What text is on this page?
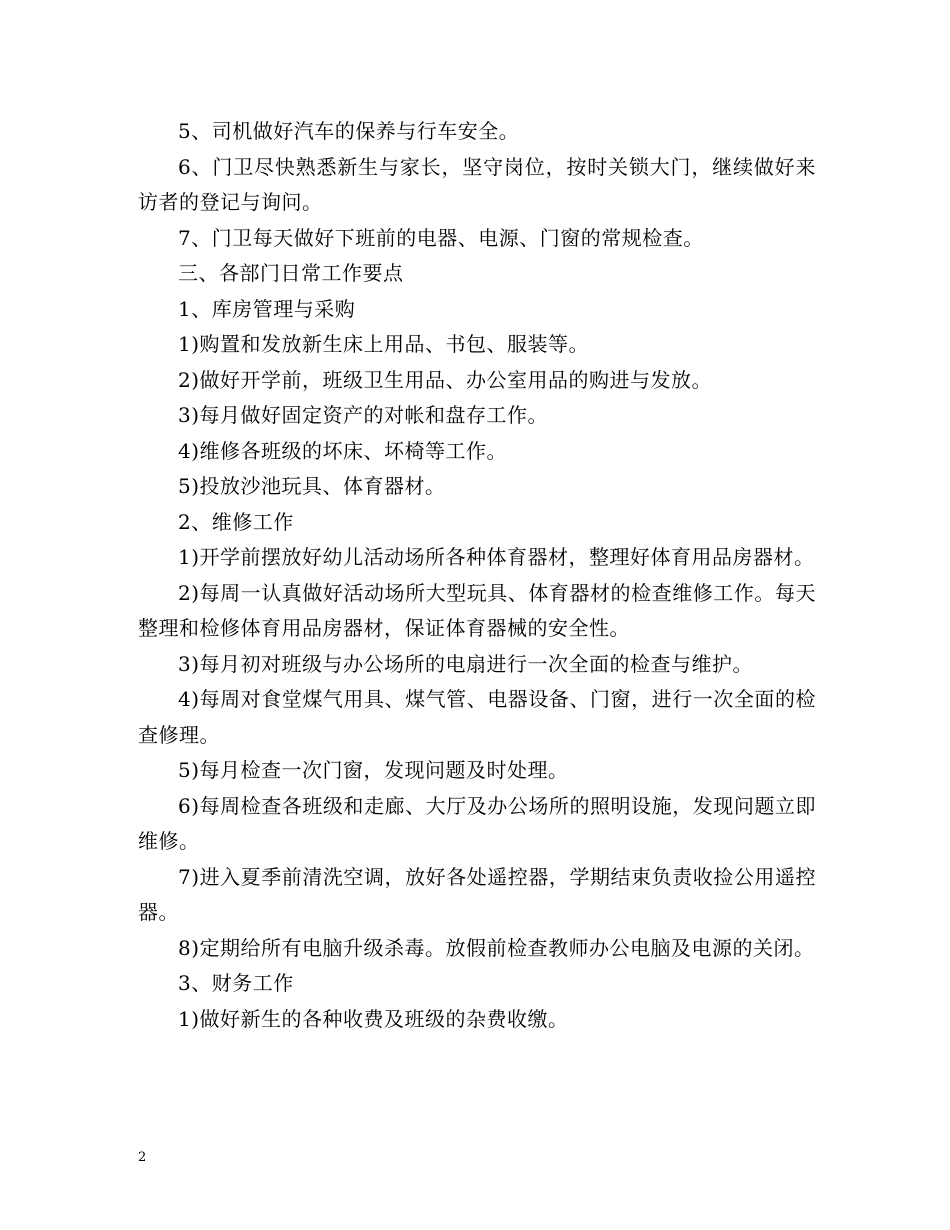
5、司机做好汽车的保养与行车安全。

6、门卫尽快熟悉新生与家长，坚守岗位，按时关锁大门，继续做好来访者的登记与询问。

7、门卫每天做好下班前的电器、电源、门窗的常规检查。

三、各部门日常工作要点

1、库房管理与采购

1)购置和发放新生床上用品、书包、服装等。

2)做好开学前，班级卫生用品、办公室用品的购进与发放。

3)每月做好固定资产的对帐和盘存工作。

4)维修各班级的坏床、坏椅等工作。

5)投放沙池玩具、体育器材。

2、维修工作

1)开学前摆放好幼儿活动场所各种体育器材，整理好体育用品房器材。

2)每周一认真做好活动场所大型玩具、体育器材的检查维修工作。每天整理和检修体育用品房器材，保证体育器械的安全性。

3)每月初对班级与办公场所的电扇进行一次全面的检查与维护。

4)每周对食堂煤气用具、煤气管、电器设备、门窗，进行一次全面的检查修理。

5)每月检查一次门窗，发现问题及时处理。

6)每周检查各班级和走廊、大厅及办公场所的照明设施，发现问题立即维修。

7)进入夏季前清洗空调，放好各处遥控器，学期结束负责收捡公用遥控器。

8)定期给所有电脑升级杀毒。放假前检查教师办公电脑及电源的关闭。

3、财务工作

1)做好新生的各种收费及班级的杂费收缴。

2
